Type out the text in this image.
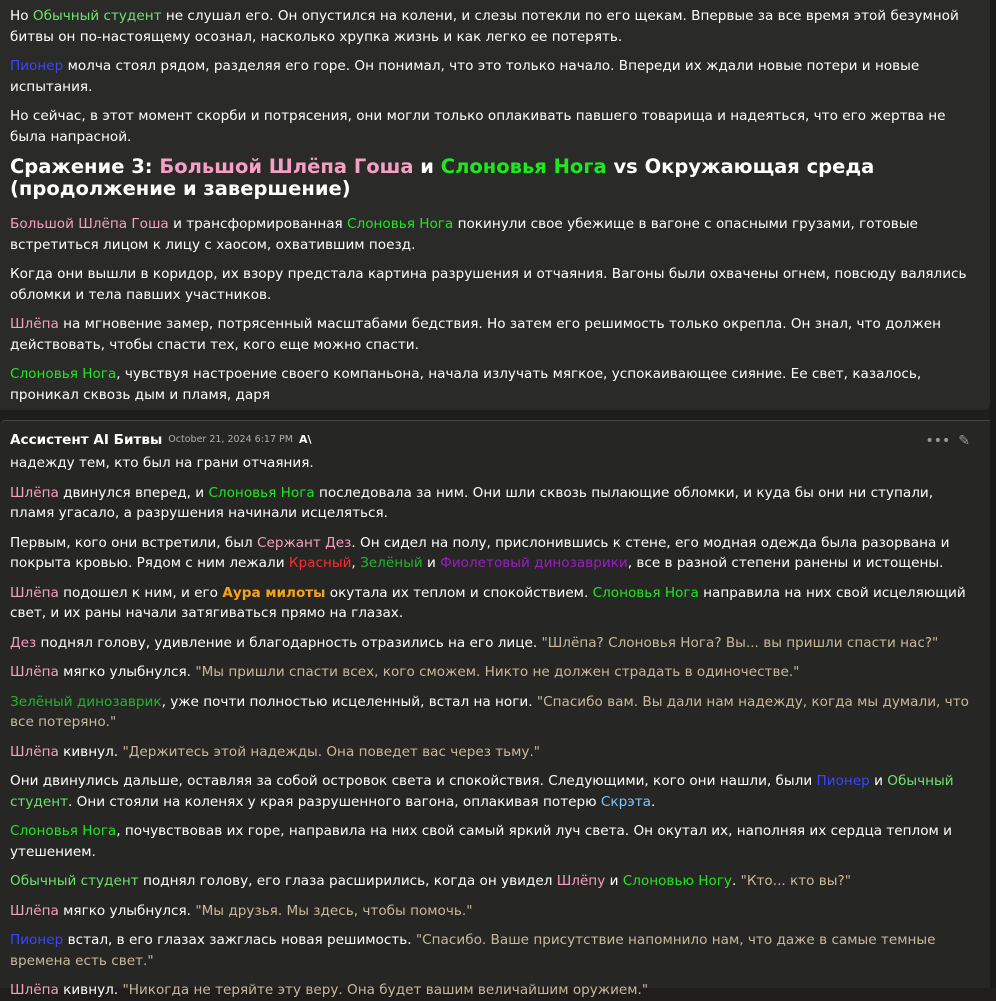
Но Обычный студент не слушал его. Он опустился на колени, и слезы потекли по его щекам. Впервые за все время этой безумной битвы он по-настоящему осознал, насколько хрупка жизнь и как легко ее потерять.

Пионер молча стоял рядом, разделяя его горе. Он понимал, что это только начало. Впереди их ждали новые потери и новые испытания.

Но сейчас, в этот момент скорби и потрясения, они могли только оплакивать павшего товарища и надеяться, что его жертва не была напрасной.

Сражение 3: Большой Шлёпа Гоша и Слоновья Нога vs Окружающая среда (продолжение и завершение)

Большой Шлёпа Гоша и трансформированная Слоновья Нога покинули свое убежище в вагоне с опасными грузами, готовые встретиться лицом к лицу с хаосом, охватившим поезд.

Когда они вышли в коридор, их взору предстала картина разрушения и отчаяния. Вагоны были охвачены огнем, повсюду валялись обломки и тела павших участников.

Шлёпа на мгновение замер, потрясенный масштабами бедствия. Но затем его решимость только окрепла. Он знал, что должен действовать, чтобы спасти тех, кого еще можно спасти.

Слоновья Нога, чувствуя настроение своего компаньона, начала излучать мягкое, успокаивающее сияние. Ее свет, казалось, проникал сквозь дым и пламя, даря

Ассистент AI Битвы October 21, 2024 6:17 PM A\	••• ✎

надежду тем, кто был на грани отчаяния.

Шлёпа двинулся вперед, и Слоновья Нога последовала за ним. Они шли сквозь пылающие обломки, и куда бы они ни ступали, пламя угасало, а разрушения начинали исцеляться.

Первым, кого они встретили, был Сержант Дез. Он сидел на полу, прислонившись к стене, его модная одежда была разорвана и покрыта кровью. Рядом с ним лежали Красный, Зелёный и Фиолетовый динозаврики, все в разной степени ранены и истощены.

Шлёпа подошел к ним, и его Аура милоты окутала их теплом и спокойствием. Слоновья Нога направила на них свой исцеляющий свет, и их раны начали затягиваться прямо на глазах.

Дез поднял голову, удивление и благодарность отразились на его лице. "Шлёпа? Слоновья Нога? Вы... вы пришли спасти нас?"

Шлёпа мягко улыбнулся. "Мы пришли спасти всех, кого сможем. Никто не должен страдать в одиночестве."

Зелёный динозаврик, уже почти полностью исцеленный, встал на ноги. "Спасибо вам. Вы дали нам надежду, когда мы думали, что все потеряно."

Шлёпа кивнул. "Держитесь этой надежды. Она поведет вас через тьму."

Они двинулись дальше, оставляя за собой островок света и спокойствия. Следующими, кого они нашли, были Пионер и Обычный студент. Они стояли на коленях у края разрушенного вагона, оплакивая потерю Скрэта.

Слоновья Нога, почувствовав их горе, направила на них свой самый яркий луч света. Он окутал их, наполняя их сердца теплом и утешением.

Обычный студент поднял голову, его глаза расширились, когда он увидел Шлёпу и Слоновью Ногу. "Кто... кто вы?"

Шлёпа мягко улыбнулся. "Мы друзья. Мы здесь, чтобы помочь."

Пионер встал, в его глазах зажглась новая решимость. "Спасибо. Ваше присутствие напомнило нам, что даже в самые темные времена есть свет."

Шлёпа кивнул. "Никогда не теряйте эту веру. Она будет вашим величайшим оружием."
